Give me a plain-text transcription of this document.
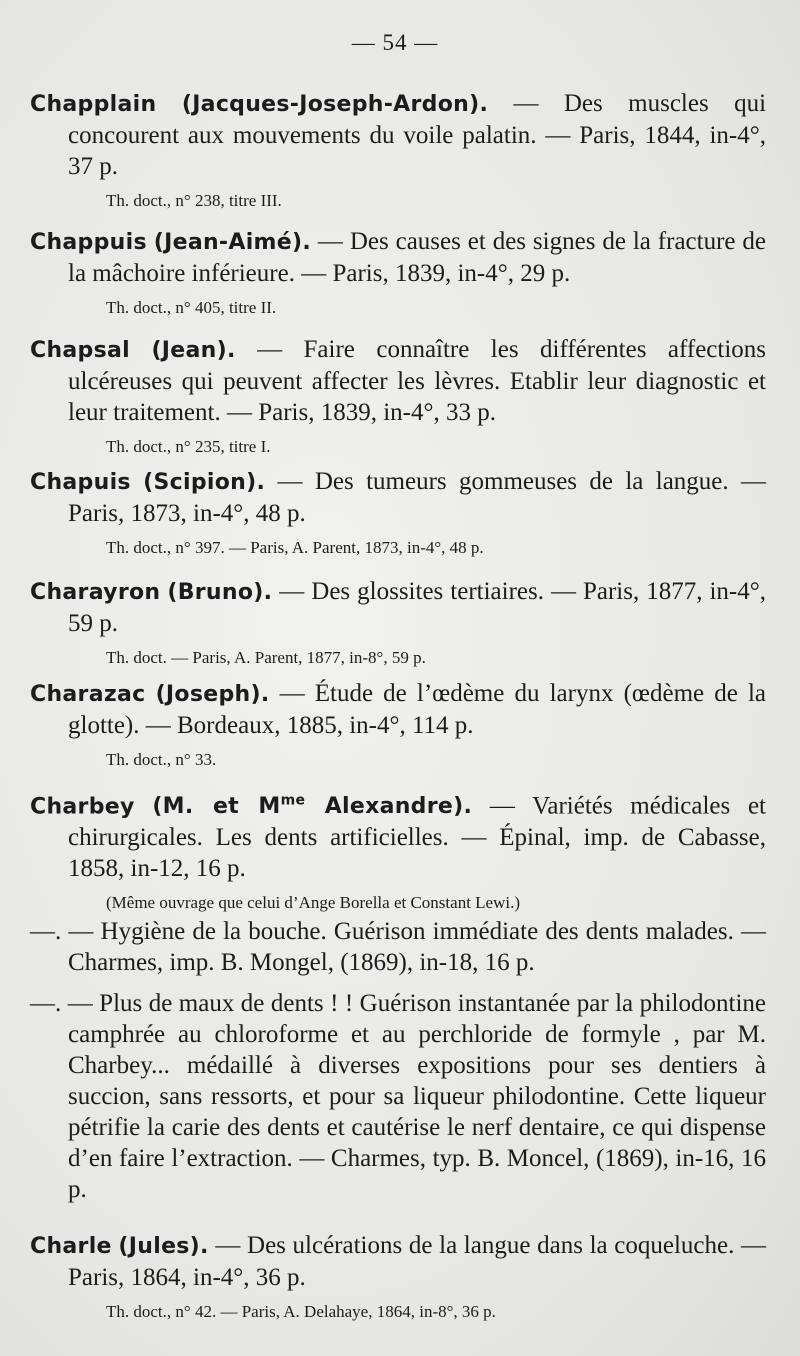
— 54 —

Chapplain (Jacques-Joseph-Ardon). — Des muscles qui concourent aux mouvements du voile palatin. — Paris, 1844, in-4°, 37 p.

Th. doct., n° 238, titre III.

Chappuis (Jean-Aimé). — Des causes et des signes de la fracture de la mâchoire inférieure. — Paris, 1839, in-4°, 29 p.

Th. doct., n° 405, titre II.

Chapsal (Jean). — Faire connaître les différentes affections ulcéreuses qui peuvent affecter les lèvres. Etablir leur diagnostic et leur traitement. — Paris, 1839, in-4°, 33 p.

Th. doct., n° 235, titre I.

Chapuis (Scipion). — Des tumeurs gommeuses de la langue. — Paris, 1873, in-4°, 48 p.

Th. doct., n° 397. — Paris, A. Parent, 1873, in-4°, 48 p.

Charayron (Bruno). — Des glossites tertiaires. — Paris, 1877, in-4°, 59 p.

Th. doct. — Paris, A. Parent, 1877, in-8°, 59 p.

Charazac (Joseph). — Étude de l’œdème du larynx (œdème de la glotte). — Bordeaux, 1885, in-4°, 114 p.

Th. doct., n° 33.

Charbey (M. et $M^{me}$ Alexandre). — Variétés médicales et chirurgicales. Les dents artificielles. — Épinal, imp. de Cabasse, 1858, in-12, 16 p.

(Même ouvrage que celui d’Ange Borella et Constant Lewi.)

—. — Hygiène de la bouche. Guérison immédiate des dents malades. — Charmes, imp. B. Mongel, (1869), in-18, 16 p.

—. — Plus de maux de dents ! ! Guérison instantanée par la philodontine camphrée au chloroforme et au perchloride de formyle , par M. Charbey... médaillé à diverses expositions pour ses dentiers à succion, sans ressorts, et pour sa liqueur philodontine. Cette liqueur pétrifie la carie des dents et cautérise le nerf dentaire, ce qui dispense d’en faire l’extraction. — Charmes, typ. B. Moncel, (1869), in-16, 16 p.

Charle (Jules). — Des ulcérations de la langue dans la coqueluche. — Paris, 1864, in-4°, 36 p.

Th. doct., n° 42. — Paris, A. Delahaye, 1864, in-8°, 36 p.
